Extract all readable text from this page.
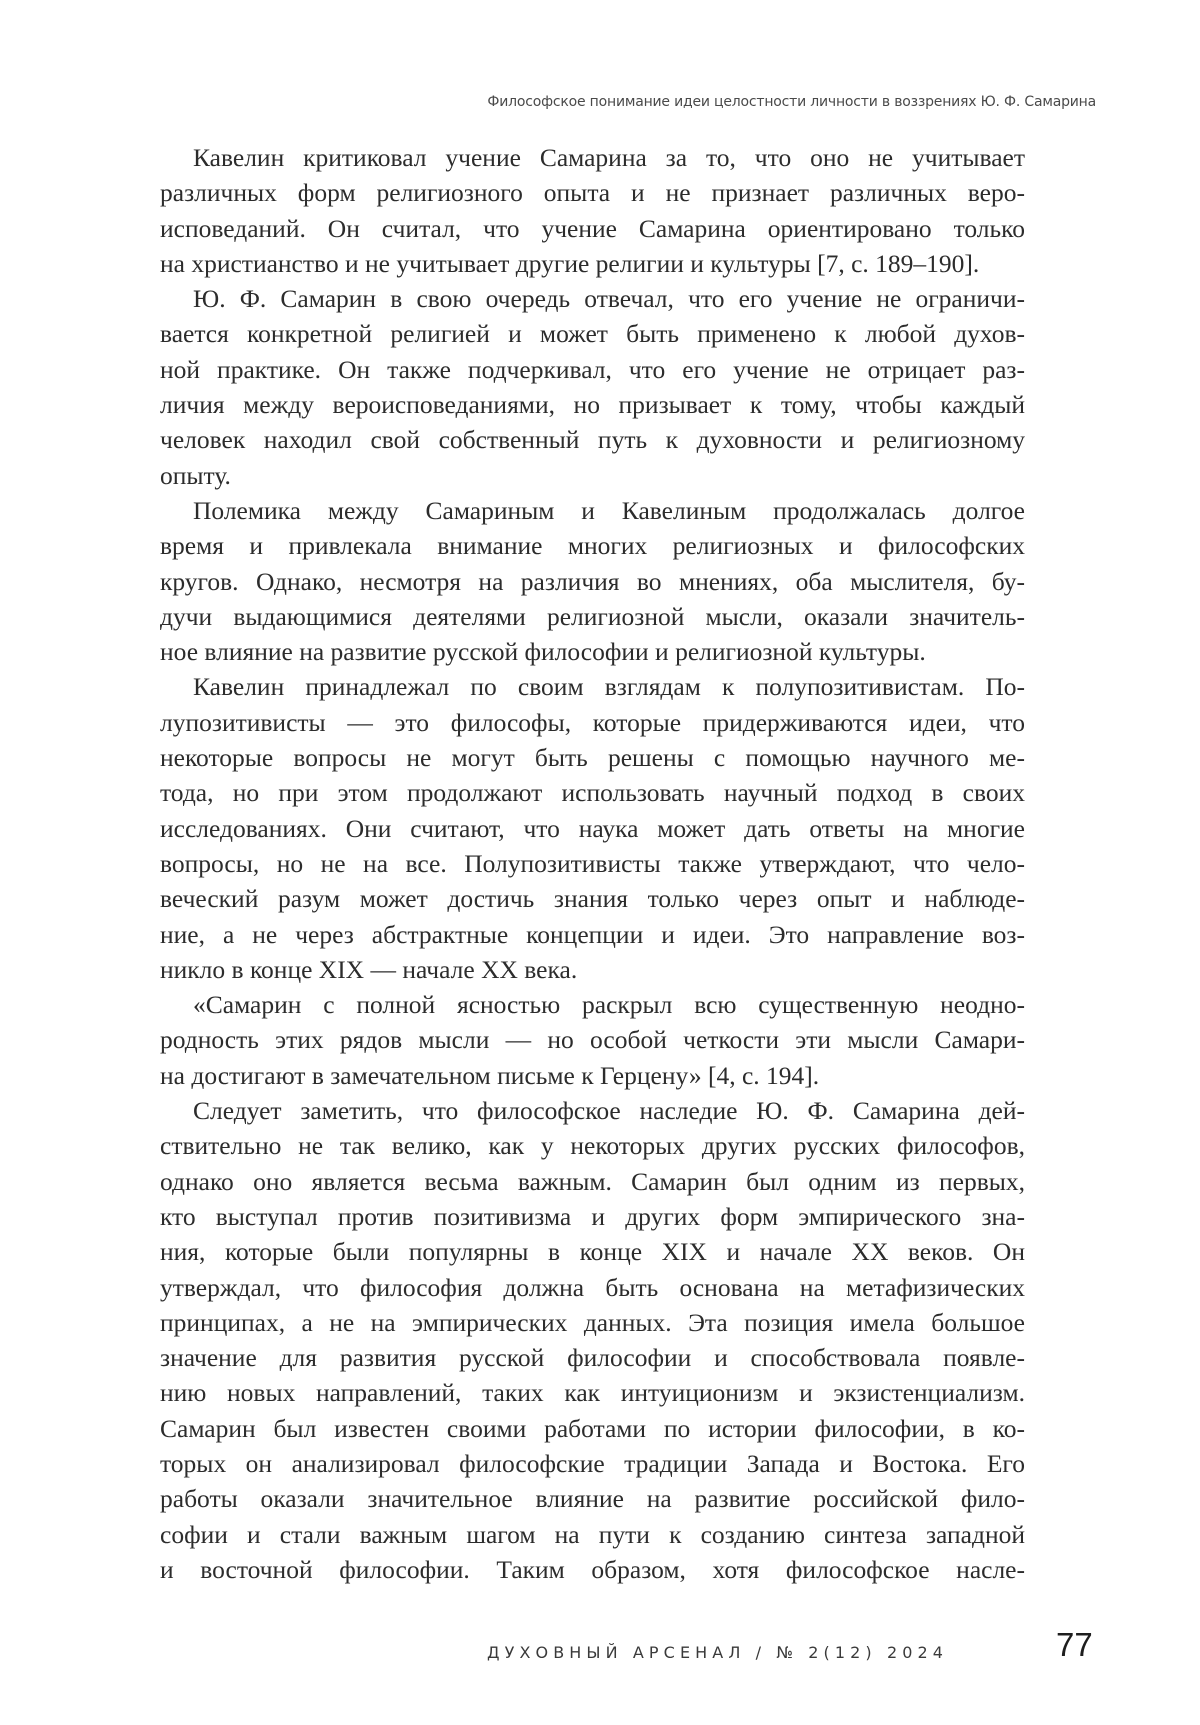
Философское понимание идеи целостности личности в воззрениях Ю. Ф. Самарина
Кавелин критиковал учение Самарина за то, что оно не учитывает
различных форм религиозного опыта и не признает различных веро-
исповеданий. Он считал, что учение Самарина ориентировано только
на христианство и не учитывает другие религии и культуры [7, с. 189–190].
Ю. Ф. Самарин в свою очередь отвечал, что его учение не ограничи-
вается конкретной религией и может быть применено к любой духов-
ной практике. Он также подчеркивал, что его учение не отрицает раз-
личия между вероисповеданиями, но призывает к тому, чтобы каждый
человек находил свой собственный путь к духовности и религиозному
опыту.
Полемика между Самариным и Кавелиным продолжалась долгое
время и привлекала внимание многих религиозных и философских
кругов. Однако, несмотря на различия во мнениях, оба мыслителя, бу-
дучи выдающимися деятелями религиозной мысли, оказали значитель-
ное влияние на развитие русской философии и религиозной культуры.
Кавелин принадлежал по своим взглядам к полупозитивистам. По-
лупозитивисты — это философы, которые придерживаются идеи, что
некоторые вопросы не могут быть решены с помощью научного ме-
тода, но при этом продолжают использовать научный подход в своих
исследованиях. Они считают, что наука может дать ответы на многие
вопросы, но не на все. Полупозитивисты также утверждают, что чело-
веческий разум может достичь знания только через опыт и наблюде-
ние, а не через абстрактные концепции и идеи. Это направление воз-
никло в конце XIX — начале XX века.
«Самарин с полной ясностью раскрыл всю существенную неодно-
родность этих рядов мысли — но особой четкости эти мысли Самари-
на достигают в замечательном письме к Герцену» [4, с. 194].
Следует заметить, что философское наследие Ю. Ф. Самарина дей-
ствительно не так велико, как у некоторых других русских философов,
однако оно является весьма важным. Самарин был одним из первых,
кто выступал против позитивизма и других форм эмпирического зна-
ния, которые были популярны в конце XIX и начале XX веков. Он
утверждал, что философия должна быть основана на метафизических
принципах, а не на эмпирических данных. Эта позиция имела большое
значение для развития русской философии и способствовала появле-
нию новых направлений, таких как интуиционизм и экзистенциализм.
Самарин был известен своими работами по истории философии, в ко-
торых он анализировал философские традиции Запада и Востока. Его
работы оказали значительное влияние на развитие российской фило-
софии и стали важным шагом на пути к созданию синтеза западной
и восточной философии. Таким образом, хотя философское насле-
ДУХОВНЫЙ АРСЕНАЛ / № 2(12) 2024	77
